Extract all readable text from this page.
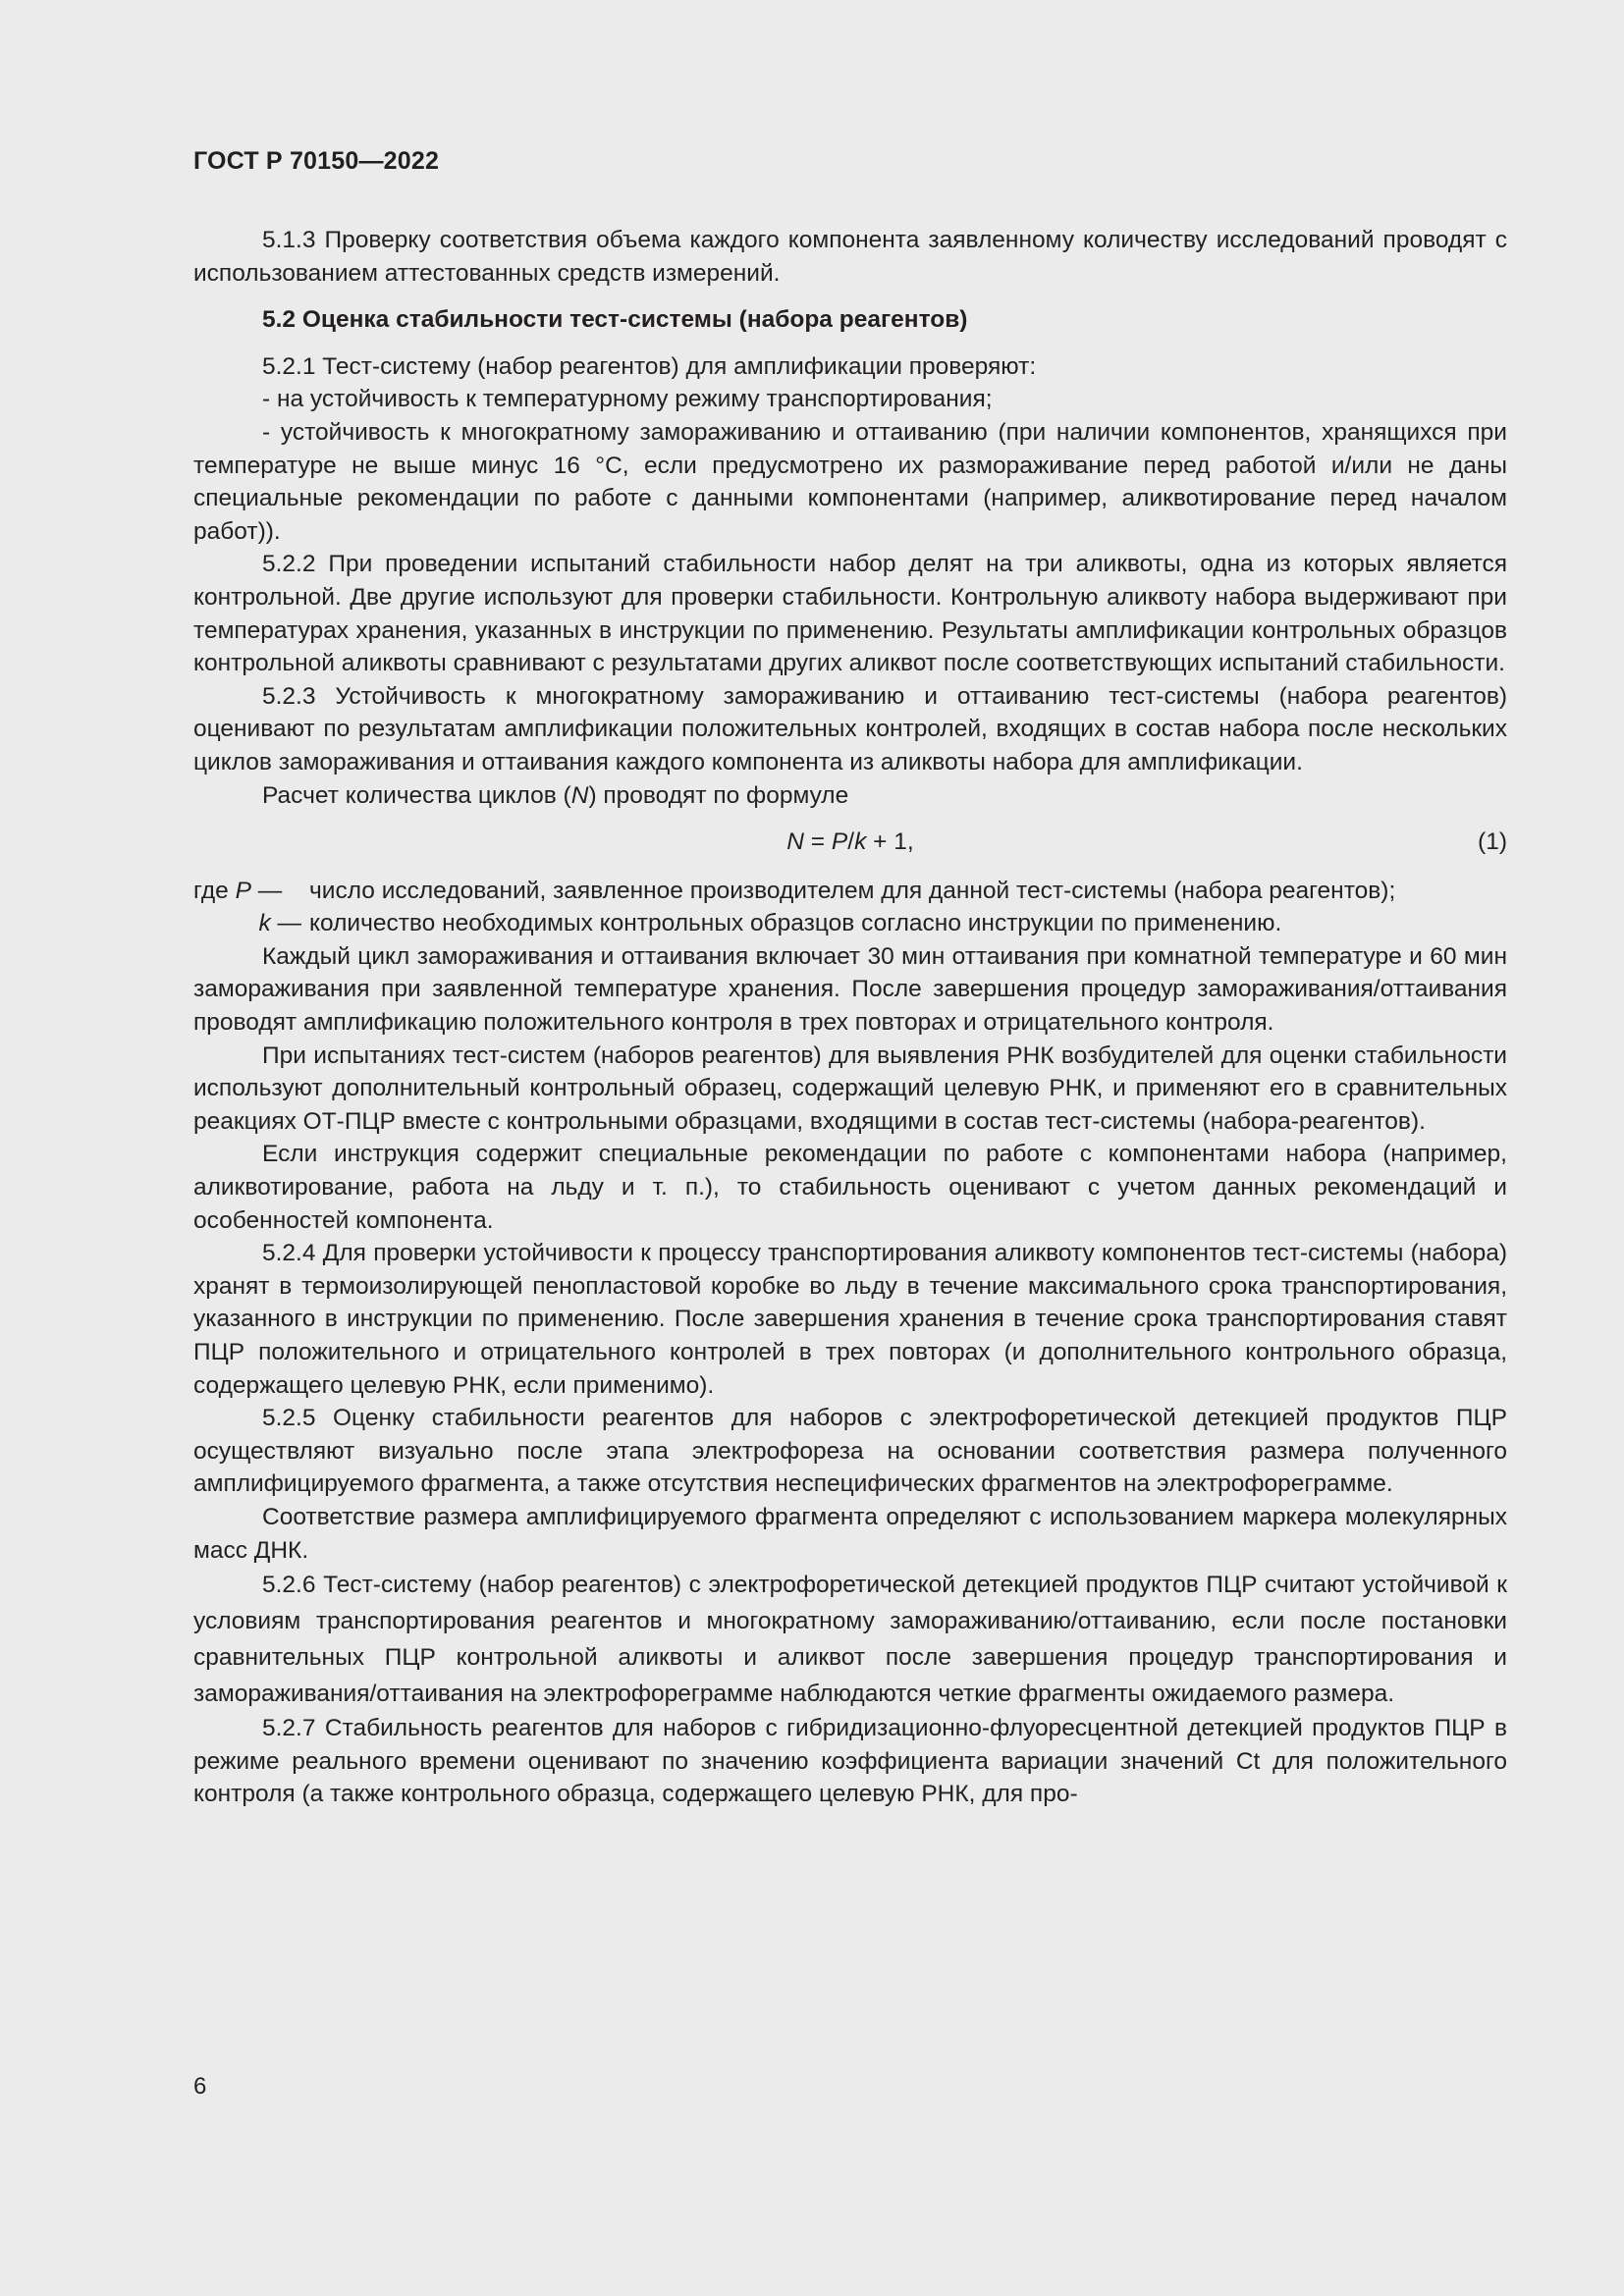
ГОСТ Р 70150—2022

5.1.3 Проверку соответствия объема каждого компонента заявленному количеству исследований проводят с использованием аттестованных средств измерений.

5.2 Оценка стабильности тест-системы (набора реагентов)

5.2.1 Тест-систему (набор реагентов) для амплификации проверяют:

- на устойчивость к температурному режиму транспортирования;

- устойчивость к многократному замораживанию и оттаиванию (при наличии компонентов, хранящихся при температуре не выше минус 16 °С, если предусмотрено их размораживание перед работой и/или не даны специальные рекомендации по работе с данными компонентами (например, аликвотирование перед началом работ)).

5.2.2 При проведении испытаний стабильности набор делят на три аликвоты, одна из которых является контрольной. Две другие используют для проверки стабильности. Контрольную аликвоту набора выдерживают при температурах хранения, указанных в инструкции по применению. Результаты амплификации контрольных образцов контрольной аликвоты сравнивают с результатами других аликвот после соответствующих испытаний стабильности.

5.2.3 Устойчивость к многократному замораживанию и оттаиванию тест-системы (набора реагентов) оценивают по результатам амплификации положительных контролей, входящих в состав набора после нескольких циклов замораживания и оттаивания каждого компонента из аликвоты набора для амплификации.

Расчет количества циклов (N) проводят по формуле

N = P/k + 1,	(1)
где P —	число исследований, заявленное производителем для данной тест-системы (набора реагентов);
k — количество необходимых контрольных образцов согласно инструкции по применению.

Каждый цикл замораживания и оттаивания включает 30 мин оттаивания при комнатной температуре и 60 мин замораживания при заявленной температуре хранения. После завершения процедур замораживания/оттаивания проводят амплификацию положительного контроля в трех повторах и отрицательного контроля.

При испытаниях тест-систем (наборов реагентов) для выявления РНК возбудителей для оценки стабильности используют дополнительный контрольный образец, содержащий целевую РНК, и применяют его в сравнительных реакциях ОТ-ПЦР вместе с контрольными образцами, входящими в состав тест-системы (набора-реагентов).

Если инструкция содержит специальные рекомендации по работе с компонентами набора (например, аликвотирование, работа на льду и т. п.), то стабильность оценивают с учетом данных рекомендаций и особенностей компонента.

5.2.4 Для проверки устойчивости к процессу транспортирования аликвоту компонентов тест-системы (набора) хранят в термоизолирующей пенопластовой коробке во льду в течение максимального срока транспортирования, указанного в инструкции по применению. После завершения хранения в течение срока транспортирования ставят ПЦР положительного и отрицательного контролей в трех повторах (и дополнительного контрольного образца, содержащего целевую РНК, если применимо).

5.2.5 Оценку стабильности реагентов для наборов с электрофоретической детекцией продуктов ПЦР осуществляют визуально после этапа электрофореза на основании соответствия размера полученного амплифицируемого фрагмента, а также отсутствия неспецифических фрагментов на электрофореграмме.

Соответствие размера амплифицируемого фрагмента определяют с использованием маркера молекулярных масс ДНК.

5.2.6 Тест-систему (набор реагентов) с электрофоретической детекцией продуктов ПЦР считают устойчивой к условиям транспортирования реагентов и многократному замораживанию/оттаиванию, если после постановки сравнительных ПЦР контрольной аликвоты и аликвот после завершения процедур транспортирования и замораживания/оттаивания на электрофореграмме наблюдаются четкие фрагменты ожидаемого размера.

5.2.7 Стабильность реагентов для наборов с гибридизационно-флуоресцентной детекцией продуктов ПЦР в режиме реального времени оценивают по значению коэффициента вариации значений Ct для положительного контроля (а также контрольного образца, содержащего целевую РНК, для про-

6
